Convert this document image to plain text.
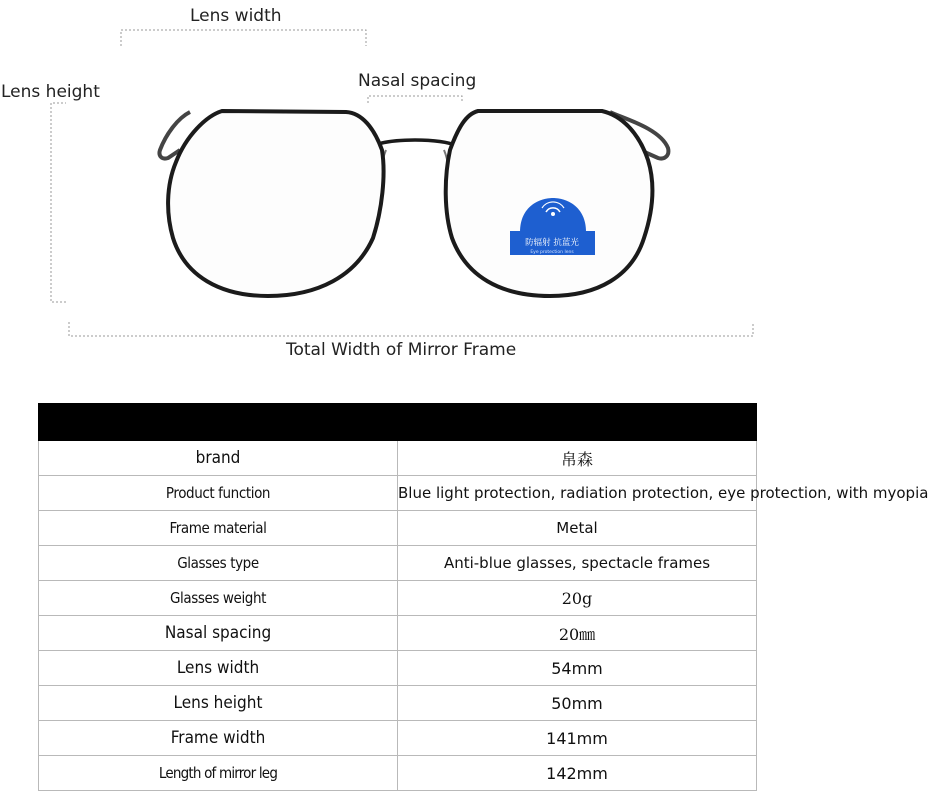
防辐射 抗蓝光
Eye protection lens
Lens width
Nasal spacing
Lens height
Total Width of Mirror Frame

brand	帛森
Product function	Blue light protection, radiation protection, eye protection, with myopia
Frame material	Metal
Glasses type	Anti-blue glasses, spectacle frames
Glasses weight	20g
Nasal spacing	20㎜
Lens width	54mm
Lens height	50mm
Frame width	141mm
Length of mirror leg	142mm
